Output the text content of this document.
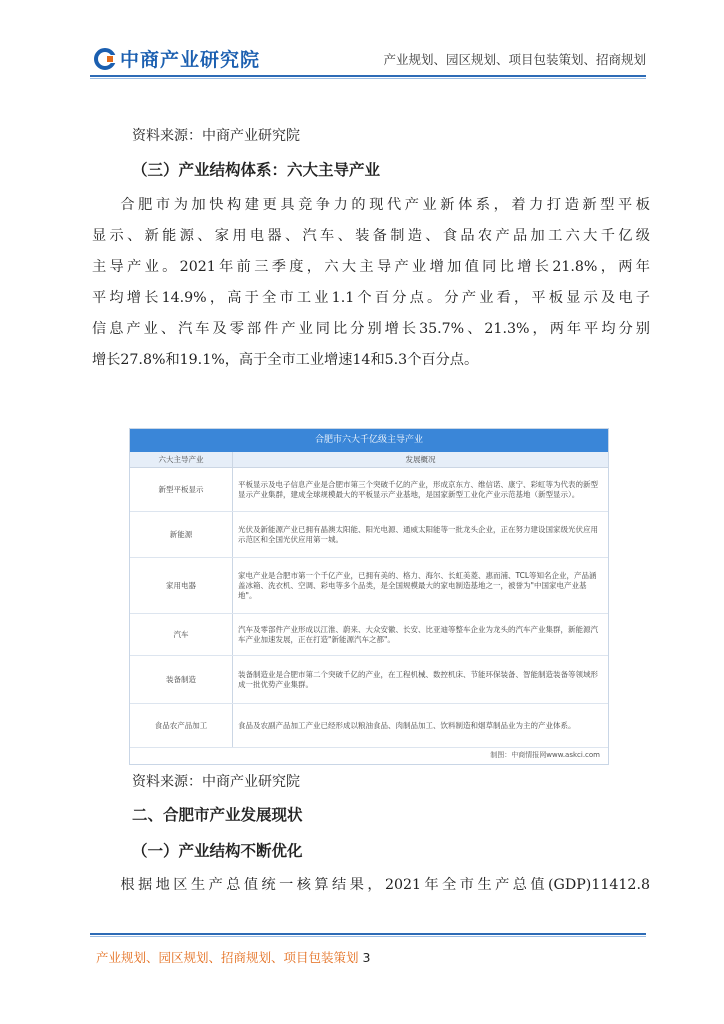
中商产业研究院	产业规划、园区规划、项目包装策划、招商规划

资料来源：中商产业研究院

（三）产业结构体系：六大主导产业

合肥市为加快构建更具竞争力的现代产业新体系，着力打造新型平板

显示、新能源、家用电器、汽车、装备制造、食品农产品加工六大千亿级

主导产业。2021年前三季度，六大主导产业增加值同比增长21.8%，两年

平均增长14.9%，高于全市工业1.1个百分点。分产业看，平板显示及电子

信息产业、汽车及零部件产业同比分别增长35.7%、21.3%，两年平均分别

增长27.8%和19.1%，高于全市工业增速14和5.3个百分点。

合肥市六大千亿级主导产业
六大主导产业	发展概况
新型平板显示	平板显示及电子信息产业是合肥市第三个突破千亿的产业，形成京东方、维信诺、康宁、彩虹等为代表的新型显示产业集群，建成全球规模最大的平板显示产业基地，是国家新型工业化产业示范基地（新型显示）。
新能源	光伏及新能源产业已拥有晶澳太阳能、阳光电源、通威太阳能等一批龙头企业，正在努力建设国家级光伏应用示范区和全国光伏应用第一城。
家用电器	家电产业是合肥市第一个千亿产业，已拥有美的、格力、海尔、长虹美菱、惠而浦、TCL等知名企业，产品涵盖冰箱、洗衣机、空调、彩电等多个品类，是全国规模最大的家电制造基地之一，被誉为"中国家电产业基地"。
汽车	汽车及零部件产业形成以江淮、蔚来、大众安徽、长安、比亚迪等整车企业为龙头的汽车产业集群，新能源汽车产业加速发展，正在打造"新能源汽车之都"。
装备制造	装备制造业是合肥市第二个突破千亿的产业，在工程机械、数控机床、节能环保装备、智能制造装备等领域形成一批优势产业集群。
食品农产品加工	食品及农副产品加工产业已经形成以粮油食品、肉制品加工、饮料制造和烟草制品业为主的产业体系。
制图：中商情报网www.askci.com

资料来源：中商产业研究院

二、合肥市产业发展现状

（一）产业结构不断优化

根据地区生产总值统一核算结果，2021年全市生产总值(GDP)11412.8

产业规划、园区规划、招商规划、项目包装策划 3
